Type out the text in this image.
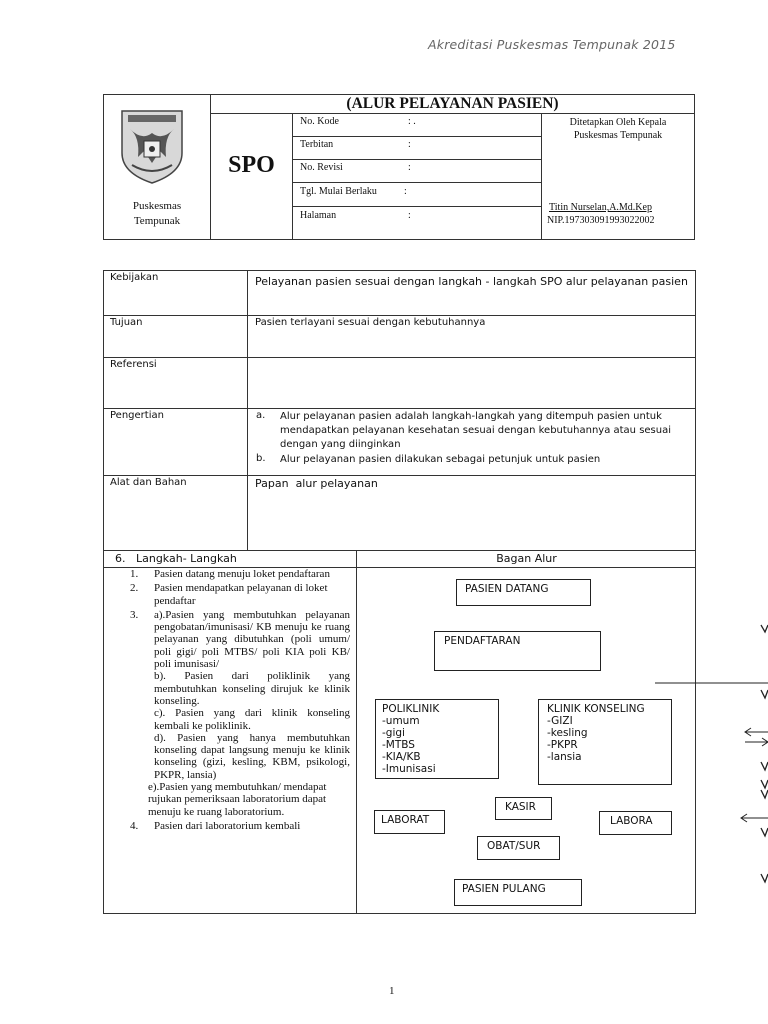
Akreditasi Puskesmas Tempunak 2015
Puskesmas
Tempunak
(ALUR PELAYANAN PASIEN)
SPO
No. Kode	: .
Terbitan	:
No. Revisi	:
Tgl. Mulai Berlaku	:
Halaman	:
Ditetapkan Oleh Kepala
Puskesmas Tempunak
Titin Nurselan,A.Md.Kep
NIP.197303091993022002
Kebijakan	Pelayanan pasien sesuai dengan langkah - langkah SPO alur pelayanan pasien
Tujuan	Pasien terlayani sesuai dengan kebutuhannya
Referensi
Pengertian	a. Alur pelayanan pasien adalah langkah-langkah yang ditempuh pasien untuk mendapatkan pelayanan kesehatan sesuai dengan kebutuhannya atau sesuai dengan yang diinginkan
b. Alur pelayanan pasien dilakukan sebagai petunjuk untuk pasien
Alat dan Bahan	Papan  alur pelayanan
6.   Langkah- Langkah	Bagan Alur
1.	Pasien datang menuju loket pendaftaran
2.	Pasien mendapatkan pelayanan di loket pendaftar
3.	a).Pasien yang membutuhkan pelayanan pengobatan/imunisasi/ KB menuju ke ruang pelayanan yang dibutuhkan (poli umum/ poli gigi/ poli MTBS/ poli KIA poli KB/ poli imunisasi/
b). Pasien dari poliklinik yang membutuhkan konseling dirujuk ke klinik konseling.
c). Pasien yang dari klinik konseling kembali ke poliklinik.
d). Pasien yang hanya membutuhkan konseling dapat langsung menuju ke klinik konseling (gizi, kesling, KBM, psikologi, PKPR, lansia)
e).Pasien yang membutuhkan/ mendapat rujukan pemeriksaan laboratorium dapat menuju ke ruang laboratorium.
4.	Pasien dari laboratorium kembali
PASIEN DATANG
PENDAFTARAN
POLIKLINIK
-umum
-gigi
-MTBS
-KIA/KB
-Imunisasi
KLINIK KONSELING
-GIZI
-kesling
-PKPR
-lansia
KASIR
LABORAT	LABORA
OBAT/SUR
PASIEN PULANG
1
